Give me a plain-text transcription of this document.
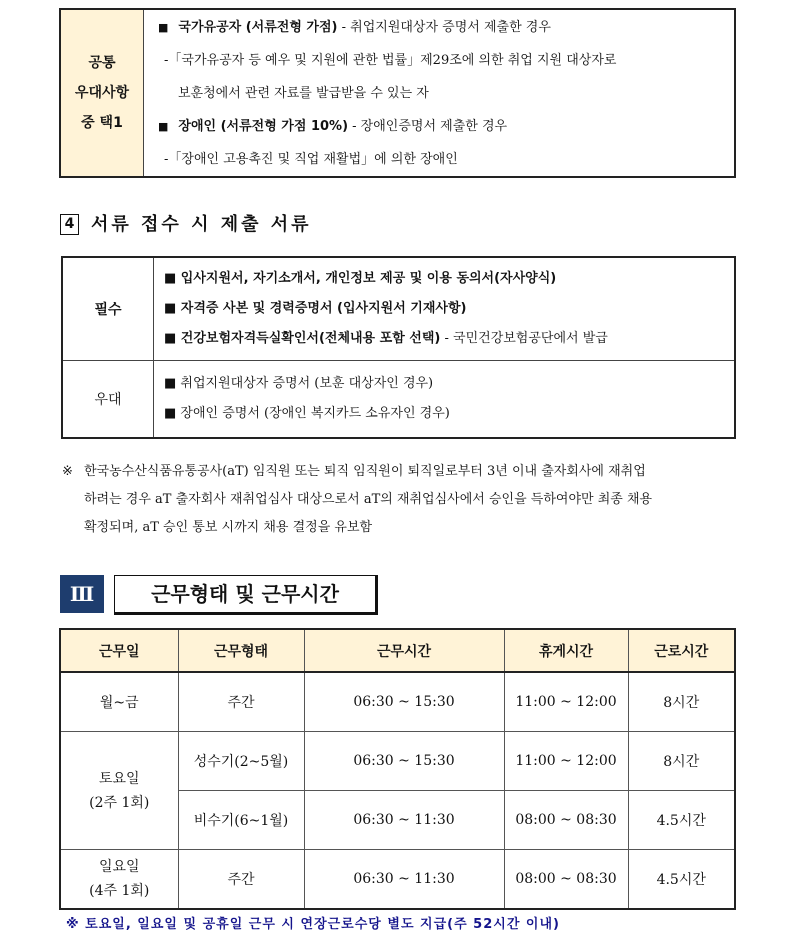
공통
우대사항
중 택1

■ 국가유공자 (서류전형 가점) - 취업지원대상자 증명서 제출한 경우
-「국가유공자 등 예우 및 지원에 관한 법률」제29조에 의한 취업 지원 대상자로
보훈청에서 관련 자료를 발급받을 수 있는 자
■ 장애인 (서류전형 가점 10%) - 장애인증명서 제출한 경우
-「장애인 고용촉진 및 직업 재활법」에 의한 장애인
4 서류 접수 시 제출 서류
필수	■ 입사지원서, 자기소개서, 개인정보 제공 및 이용 동의서(자사양식)
■ 자격증 사본 및 경력증명서 (입사지원서 기재사항)
■ 건강보험자격득실확인서(전체내용 포함 선택) - 국민건강보험공단에서 발급

우대	■ 취업지원대상자 증명서 (보훈 대상자인 경우)
■ 장애인 증명서 (장애인 복지카드 소유자인 경우)
※ 한국농수산식품유통공사(aT) 임직원 또는 퇴직 임직원이 퇴직일로부터 3년 이내 출자회사에 재취업
하려는 경우 aT 출자회사 재취업심사 대상으로서 aT의 재취업심사에서 승인을 득하여야만 최종 채용
확정되며, aT 승인 통보 시까지 채용 결정을 유보함
Ⅲ	근무형태 및 근무시간
근무일	근무형태	근무시간	휴게시간	근로시간
월~금	주간	06:30 ~ 15:30	11:00 ~ 12:00	8시간

토요일
(2주 1회)	성수기(2~5월)	06:30 ~ 15:30	11:00 ~ 12:00	8시간
	비수기(6~1월)	06:30 ~ 11:30	08:00 ~ 08:30	4.5시간

일요일
(4주 1회)	주간	06:30 ~ 11:30	08:00 ~ 08:30	4.5시간
※ 토요일, 일요일 및 공휴일 근무 시 연장근로수당 별도 지급(주 52시간 이내)
